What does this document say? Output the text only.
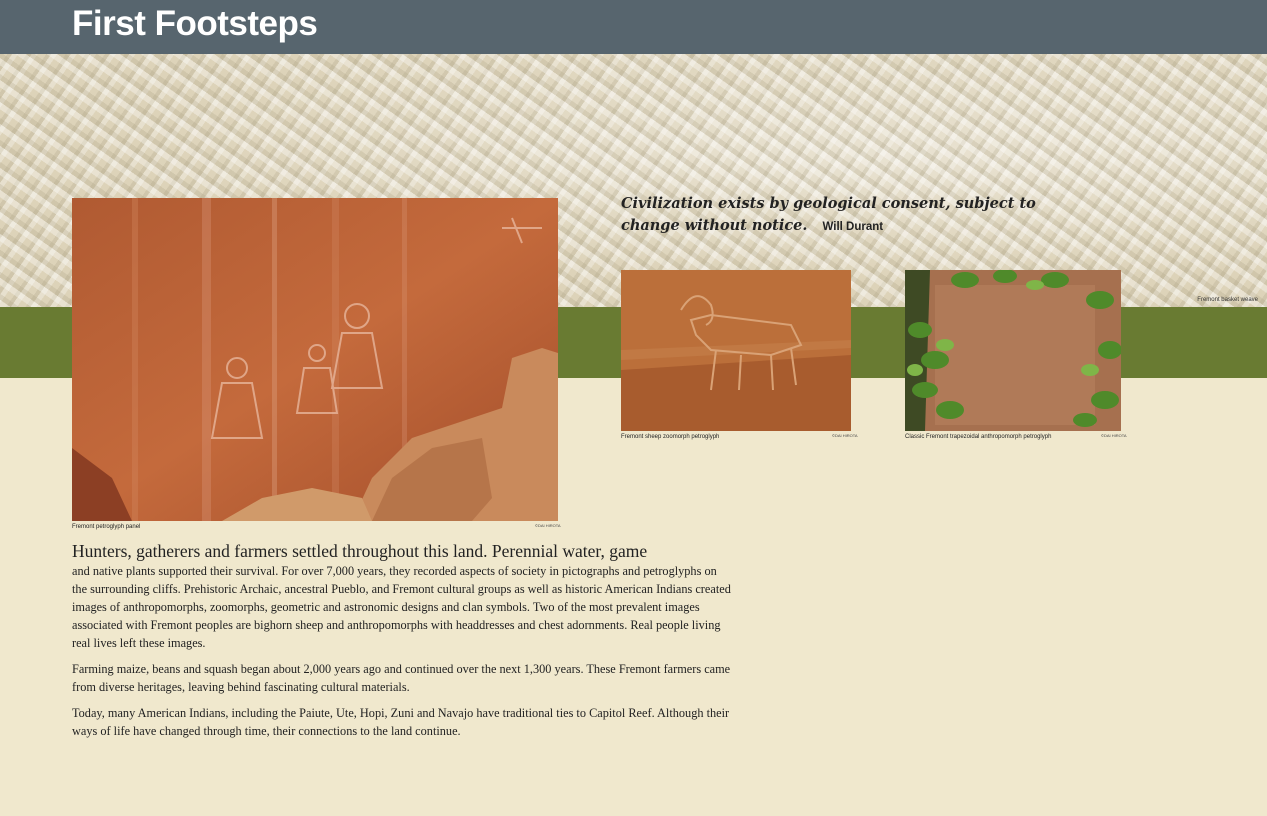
First Footsteps
Fremont basket weave
Fremont petroglyph panel	©DAI HIROTA
Civilization exists by geological consent, subject to change without notice. Will Durant
Fremont sheep zoomorph petroglyph	©DAI HIROTA	Classic Fremont trapezoidal anthropomorph petroglyph	©DAI HIROTA

Hunters, gatherers and farmers settled throughout this land. Perennial water, game
and native plants supported their survival. For over 7,000 years, they recorded aspects of society in pictographs and petroglyphs on the surrounding cliffs. Prehistoric Archaic, ancestral Pueblo, and Fremont cultural groups as well as historic American Indians created images of anthropomorphs, zoomorphs, geometric and astronomic designs and clan symbols. Two of the most prevalent images associated with Fremont peoples are bighorn sheep and anthropomorphs with headdresses and chest adornments. Real people living real lives left these images.

Farming maize, beans and squash began about 2,000 years ago and continued over the next 1,300 years. These Fremont farmers came from diverse heritages, leaving behind fascinating cultural materials.

Today, many American Indians, including the Paiute, Ute, Hopi, Zuni and Navajo have traditional ties to Capitol Reef. Although their ways of life have changed through time, their connections to the land continue.
